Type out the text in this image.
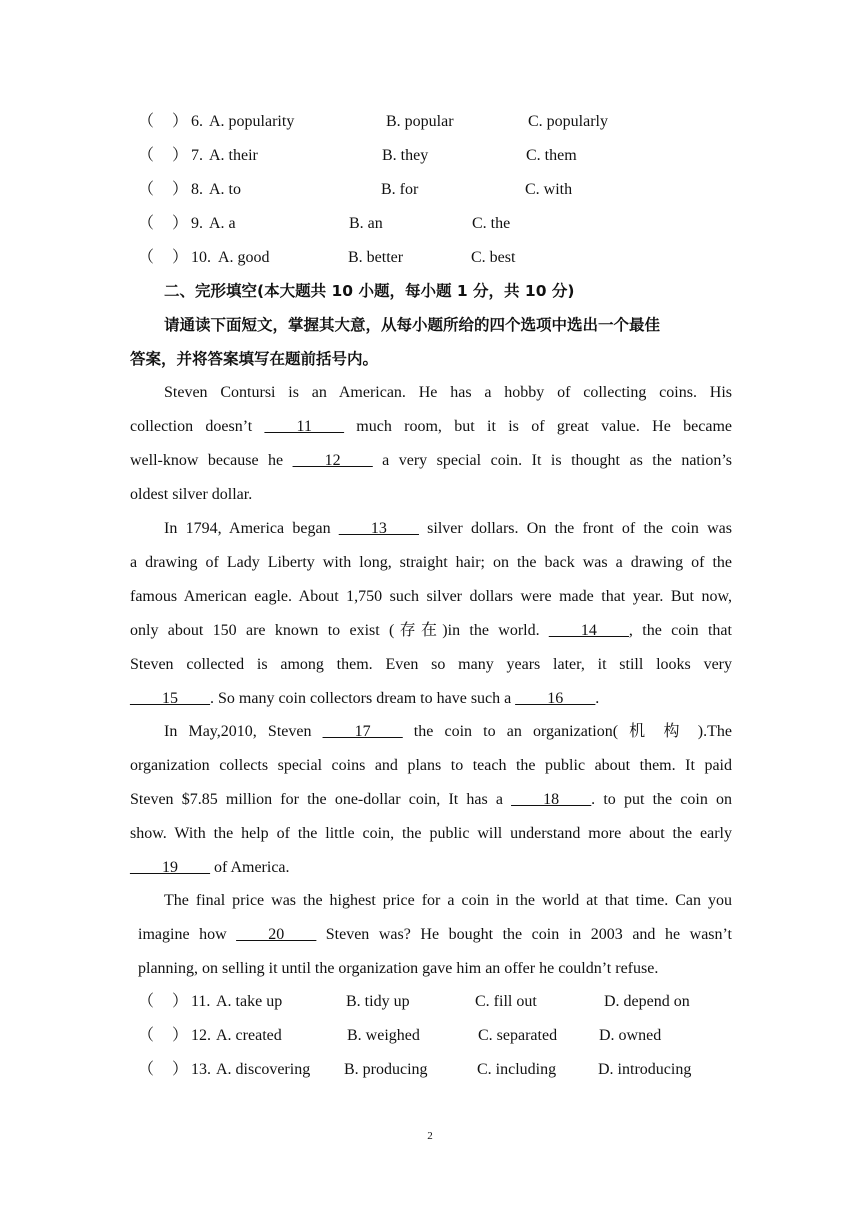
（ ） 6. A. popularity	B. popular	C. popularly
（ ） 7. A. their	B. they	C. them
（ ） 8. A. to	B. for	C. with
（ ） 9. A. a	B. an	C. the
（ ） 10. A. good	B. better	C. best
二、完形填空(本大题共 10 小题，每小题 1 分，共 10 分)
请通读下面短文，掌握其大意，从每小题所给的四个选项中选出一个最佳
答案，并将答案填写在题前括号内。
Steven Contursi is an American. He has a hobby of collecting coins. His
collection doesn’t ____11____ much room, but it is of great value. He became
well-know because he ____12____ a very special coin. It is thought as the nation’s
oldest silver dollar.
In 1794, America began ____13____ silver dollars. On the front of the coin was
a drawing of Lady Liberty with long, straight hair; on the back was a drawing of the
famous American eagle. About 1,750 such silver dollars were made that year. But now,
only about 150 are known to exist (存在)in the world. ____14____, the coin that
Steven collected is among them. Even so many years later, it still looks very
____15____. So many coin collectors dream to have such a ____16____.
In May,2010, Steven ____17____ the coin to an organization( 机 构 ).The
organization collects special coins and plans to teach the public about them. It paid
Steven $7.85 million for the one-dollar coin, It has a ____18____. to put the coin on
show. With the help of the little coin, the public will understand more about the early
____19____ of America.
The final price was the highest price for a coin in the world at that time. Can you
imagine how ____20____ Steven was? He bought the coin in 2003 and he wasn’t
planning, on selling it until the organization gave him an offer he couldn’t refuse.
（ ） 11. A. take up	B. tidy up	C. fill out	D. depend on
（ ） 12. A. created	B. weighed	C. separated	D. owned
（ ） 13. A. discovering B. producing	C. including	D. introducing
2
